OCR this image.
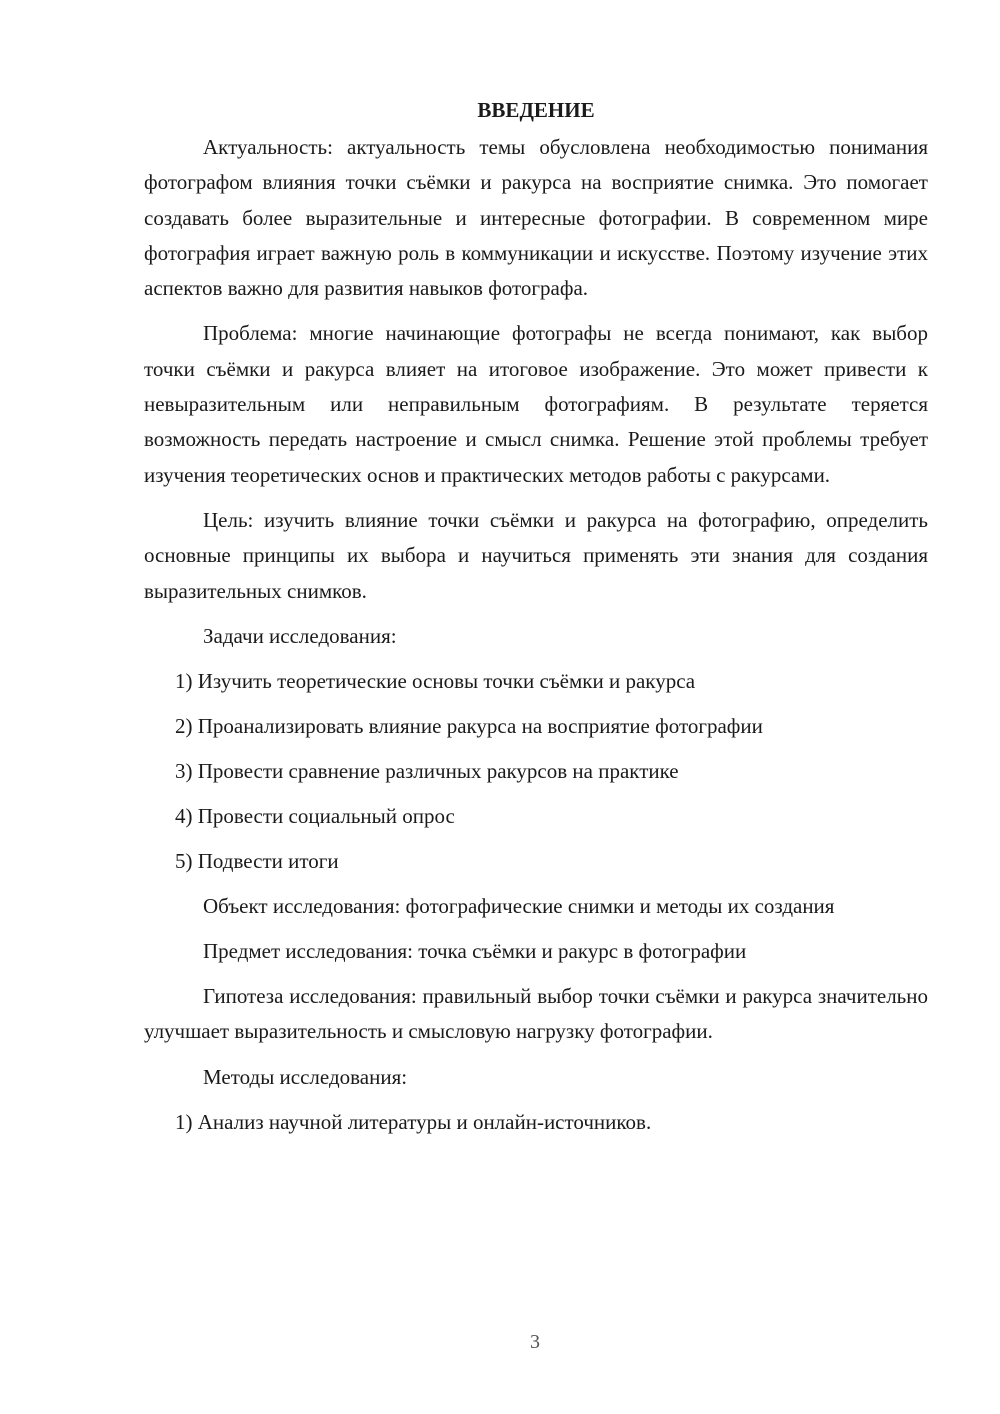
ВВЕДЕНИЕ

Актуальность: актуальность темы обусловлена необходимостью понимания фотографом влияния точки съёмки и ракурса на восприятие снимка. Это помогает создавать более выразительные и интересные фотографии. В современном мире фотография играет важную роль в коммуникации и искусстве. Поэтому изучение этих аспектов важно для развития навыков фотографа.

Проблема: многие начинающие фотографы не всегда понимают, как выбор точки съёмки и ракурса влияет на итоговое изображение. Это может привести к невыразительным или неправильным фотографиям. В результате теряется возможность передать настроение и смысл снимка. Решение этой проблемы требует изучения теоретических основ и практических методов работы с ракурсами.

Цель: изучить влияние точки съёмки и ракурса на фотографию, определить основные принципы их выбора и научиться применять эти знания для создания выразительных снимков.

Задачи исследования:

1) Изучить теоретические основы точки съёмки и ракурса

2) Проанализировать влияние ракурса на восприятие фотографии

3) Провести сравнение различных ракурсов на практике

4) Провести социальный опрос

5) Подвести итоги

Объект исследования: фотографические снимки и методы их создания

Предмет исследования: точка съёмки и ракурс в фотографии

Гипотеза исследования: правильный выбор точки съёмки и ракурса значительно улучшает выразительность и смысловую нагрузку фотографии.

Методы исследования:

1) Анализ научной литературы и онлайн-источников.

3
